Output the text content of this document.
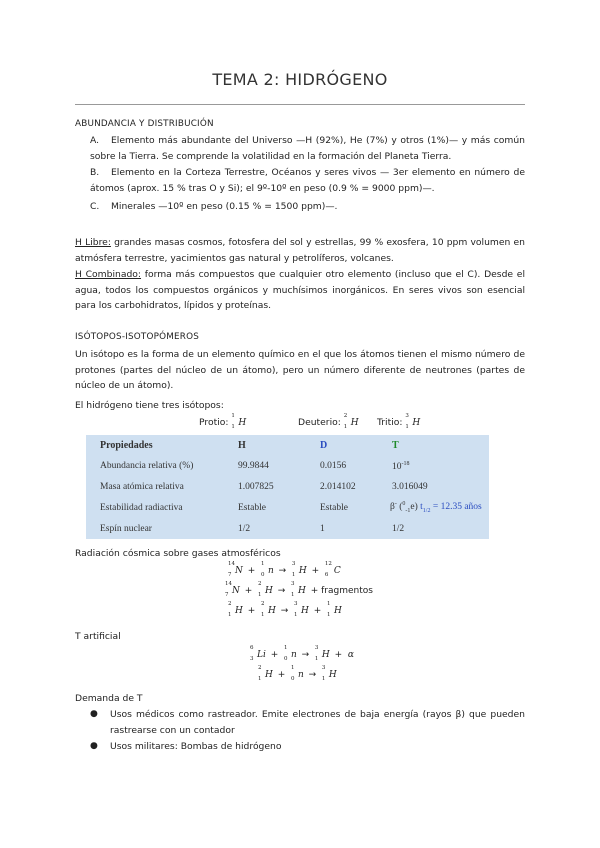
TEMA 2: HIDRÓGENO
ABUNDANCIA Y DISTRIBUCIÓN
A. Elemento más abundante del Universo —H (92%), He (7%) y otros (1%)— y más común sobre la Tierra. Se comprende la volatilidad en la formación del Planeta Tierra.
B. Elemento en la Corteza Terrestre, Océanos y seres vivos — 3er elemento en número de átomos (aprox. 15 % tras O y Si); el 9º-10º en peso (0.9 % = 9000 ppm)—.
C. Minerales —10º en peso (0.15 % = 1500 ppm)—.
H Libre: grandes masas cosmos, fotosfera del sol y estrellas, 99 % exosfera, 10 ppm volumen en atmósfera terrestre, yacimientos gas natural y petrolíferos, volcanes.
H Combinado: forma más compuestos que cualquier otro elemento (incluso que el C). Desde el agua, todos los compuestos orgánicos y muchísimos inorgánicos. En seres vivos son esencial para los carbohidratos, lípidos y proteínas.
ISÓTOPOS-ISOTOPÓMEROS
Un isótopo es la forma de un elemento químico en el que los átomos tienen el mismo número de protones (partes del núcleo de un átomo), pero un número diferente de neutrones (partes de núcleo de un átomo).
El hidrógeno tiene tres isótopos:
Protio:
1
1 H	Deuterio:
2
1 H Tritio:
3
1 H
Propiedades	H	D	T
Abundancia relativa (%)	99.9844	0.0156	$10^{-18}$
Masa atómica relativa	1.007825	2.014102	3.016049
Estabilidad radiactiva	Estable	Estable	β- ($^0_{-1}$e) $t_{1/2} = 12.35$ años
Espín nuclear	1/2	1	1/2
Radiación cósmica sobre gases atmosféricos
14
7 N +
1
0 n →
3
1 H +
12
6 C
14
7 N +
2
1 H →
3
1 H + fragmentos
2
1 H +
2
1 H →
3
1 H +
1
1 H
T artificial
6
3 Li +
1
0 n →
3
1 H +  α
2
1 H +
1
0 n →
3
1 H
Demanda de T
●	Usos médicos como rastreador. Emite electrones de baja energía (rayos β) que pueden rastrearse con un contador
●	Usos militares: Bombas de hidrógeno
